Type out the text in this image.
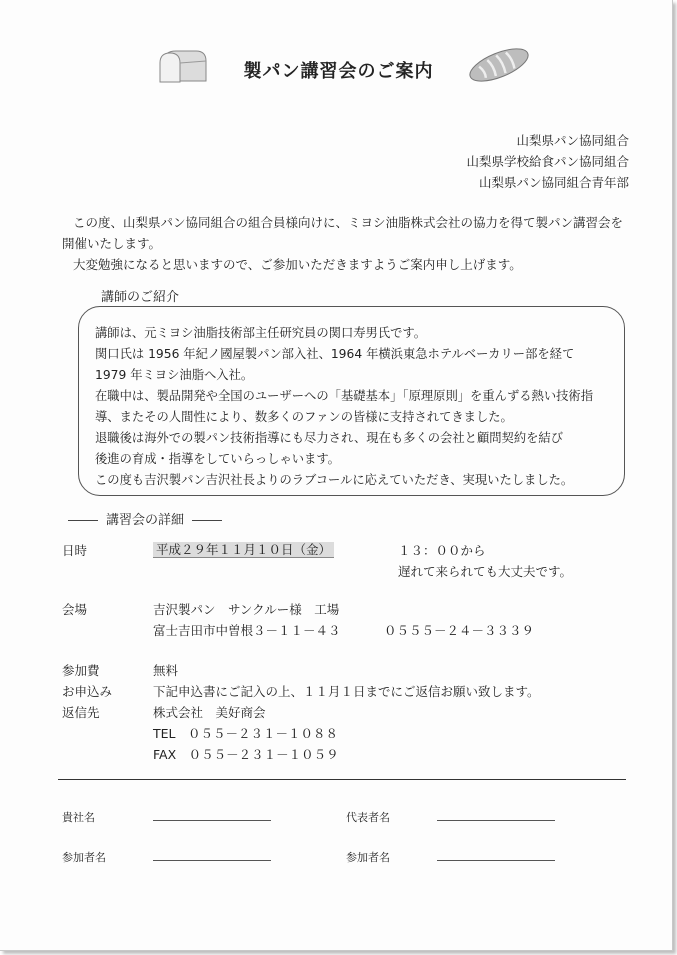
製パン講習会のご案内
山梨県パン協同組合
山梨県学校給食パン協同組合
山梨県パン協同組合青年部
この度、山梨県パン協同組合の組合員様向けに、ミヨシ油脂株式会社の協力を得て製パン講習会を
開催いたします。
大変勉強になると思いますので、ご参加いただきますようご案内申し上げます。
講師のご紹介
講師は、元ミヨシ油脂技術部主任研究員の関口寿男氏です。
関口氏は 1956 年紀ノ國屋製パン部入社、1964 年横浜東急ホテルベーカリー部を経て
1979 年ミヨシ油脂へ入社。
在職中は、製品開発や全国のユーザーへの「基礎基本」「原理原則」を重んずる熱い技術指
導、またその人間性により、数多くのファンの皆様に支持されてきました。
退職後は海外での製パン技術指導にも尽力され、現在も多くの会社と顧問契約を結び
後進の育成・指導をしていらっしゃいます。
この度も吉沢製パン吉沢社長よりのラブコールに応えていただき、実現いたしました。
講習会の詳細
日時	平成２９年１１月１０日（金）	１３：００から
遅れて来られても大丈夫です。
会場	吉沢製パン　サンクルー様　工場
富士吉田市中曽根３－１１－４３	０５５５－２４－３３３９
参加費	無料
お申込み	下記申込書にご記入の上、１１月１日までにご返信お願い致します。
返信先	株式会社　美好商会
TEL　０５５－２３１－１０８８
FAX　０５５－２３１－１０５９
貴社名	代表者名
参加者名	参加者名
